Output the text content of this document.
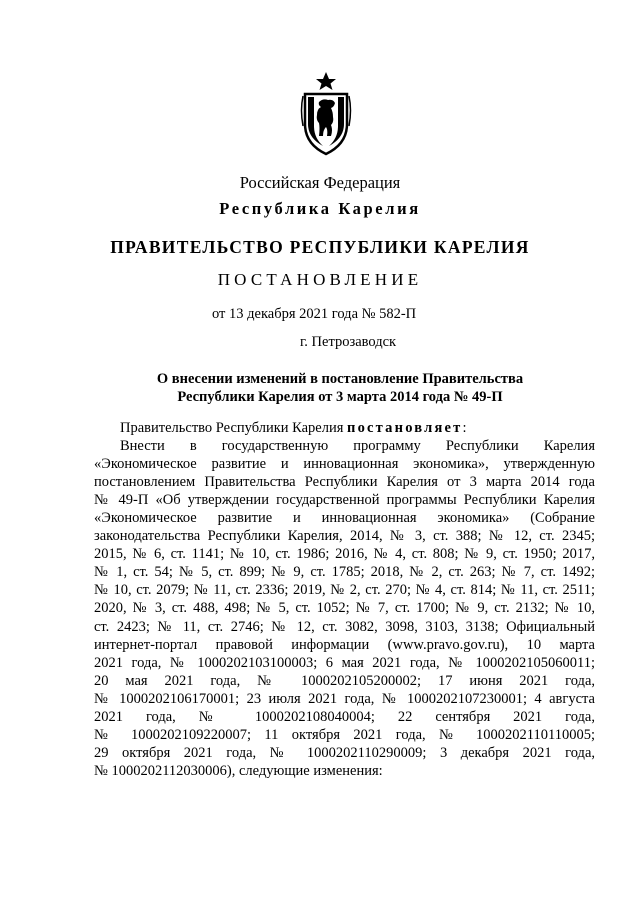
Российская Федерация
Республика Карелия
ПРАВИТЕЛЬСТВО РЕСПУБЛИКИ КАРЕЛИЯ
ПОСТАНОВЛЕНИЕ
от 13 декабря 2021 года № 582-П
г. Петрозаводск
О внесении изменений в постановление Правительства
Республики Карелия от 3 марта 2014 года № 49-П

Правительство Республики Карелия постановляет:

Внести в государственную программу Республики Карелия
«Экономическое развитие и инновационная экономика», утвержденную
постановлением Правительства Республики Карелия от 3 марта 2014 года
№ 49-П «Об утверждении государственной программы Республики Карелия
«Экономическое развитие и инновационная экономика» (Собрание
законодательства Республики Карелия, 2014, № 3, ст. 388; № 12, ст. 2345;
2015, № 6, ст. 1141; № 10, ст. 1986; 2016, № 4, ст. 808; № 9, ст. 1950; 2017,
№ 1, ст. 54; № 5, ст. 899; № 9, ст. 1785; 2018, № 2, ст. 263; № 7, ст. 1492;
№ 10, ст. 2079; № 11, ст. 2336; 2019, № 2, ст. 270; № 4, ст. 814; № 11, ст. 2511;
2020, № 3, ст. 488, 498; № 5, ст. 1052; № 7, ст. 1700; № 9, ст. 2132; № 10,
ст. 2423; № 11, ст. 2746; № 12, ст. 3082, 3098, 3103, 3138; Официальный
интернет-портал правовой информации (www.pravo.gov.ru), 10 марта
2021 года, № 1000202103100003; 6 мая 2021 года, № 1000202105060011;
20 мая 2021 года, № 1000202105200002; 17 июня 2021 года,
№ 1000202106170001; 23 июля 2021 года, № 1000202107230001; 4 августа
2021 года, № 1000202108040004; 22 сентября 2021 года,
№ 1000202109220007; 11 октября 2021 года, № 1000202110110005;
29 октября 2021 года, № 1000202110290009; 3 декабря 2021 года,
№ 1000202112030006), следующие изменения:
